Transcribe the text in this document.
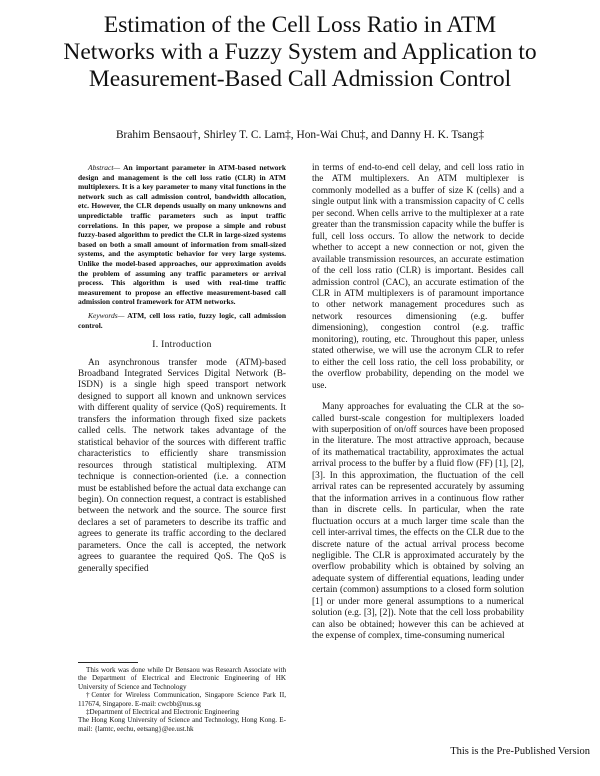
Estimation of the Cell Loss Ratio in ATM Networks with a Fuzzy System and Application to Measurement-Based Call Admission Control
Brahim Bensaou†, Shirley T. C. Lam‡, Hon-Wai Chu‡, and Danny H. K. Tsang‡

Abstract— An important parameter in ATM-based network design and management is the cell loss ratio (CLR) in ATM multiplexers. It is a key parameter to many vital functions in the network such as call admission control, bandwidth allocation, etc. However, the CLR depends usually on many unknowns and unpredictable traffic parameters such as input traffic correlations. In this paper, we propose a simple and robust fuzzy-based algorithm to predict the CLR in large-sized systems based on both a small amount of information from small-sized systems, and the asymptotic behavior for very large systems. Unlike the model-based approaches, our approximation avoids the problem of assuming any traffic parameters or arrival process. This algorithm is used with real-time traffic measurement to propose an effective measurement-based call admission control framework for ATM networks.

Keywords— ATM, cell loss ratio, fuzzy logic, call admission control.

I. Introduction

An asynchronous transfer mode (ATM)-based Broadband Integrated Services Digital Network (B-ISDN) is a single high speed transport network designed to support all known and unknown services with different quality of service (QoS) requirements. It transfers the information through fixed size packets called cells. The network takes advantage of the statistical behavior of the sources with different traffic characteristics to efficiently share transmission resources through statistical multiplexing. ATM technique is connection-oriented (i.e. a connection must be established before the actual data exchange can begin). On connection request, a contract is established between the network and the source. The source first declares a set of parameters to describe its traffic and agrees to generate its traffic according to the declared parameters. Once the call is accepted, the network agrees to guarantee the required QoS. The QoS is generally specified

in terms of end-to-end cell delay, and cell loss ratio in the ATM multiplexers. An ATM multiplexer is commonly modelled as a buffer of size K (cells) and a single output link with a transmission capacity of C cells per second. When cells arrive to the multiplexer at a rate greater than the transmission capacity while the buffer is full, cell loss occurs. To allow the network to decide whether to accept a new connection or not, given the available transmission resources, an accurate estimation of the cell loss ratio (CLR) is important. Besides call admission control (CAC), an accurate estimation of the CLR in ATM multiplexers is of paramount importance to other network management procedures such as network resources dimensioning (e.g. buffer dimensioning), congestion control (e.g. traffic monitoring), routing, etc. Throughout this paper, unless stated otherwise, we will use the acronym CLR to refer to either the cell loss ratio, the cell loss probability, or the overflow probability, depending on the model we use.

Many approaches for evaluating the CLR at the so-called burst-scale congestion for multiplexers loaded with superposition of on/off sources have been proposed in the literature. The most attractive approach, because of its mathematical tractability, approximates the actual arrival process to the buffer by a fluid flow (FF) [1], [2], [3]. In this approximation, the fluctuation of the cell arrival rates can be represented accurately by assuming that the information arrives in a continuous flow rather than in discrete cells. In particular, when the rate fluctuation occurs at a much larger time scale than the cell inter-arrival times, the effects on the CLR due to the discrete nature of the actual arrival process become negligible. The CLR is approximated accurately by the overflow probability which is obtained by solving an adequate system of differential equations, leading under certain (common) assumptions to a closed form solution [1] or under more general assumptions to a numerical solution (e.g. [3], [2]). Note that the cell loss probability can also be obtained; however this can be achieved at the expense of complex, time-consuming numerical

This work was done while Dr Bensaou was Research Associate with the Department of Electrical and Electronic Engineering of HK University of Science and Technology

†Center for Wireless Communication, Singapore Science Park II, 117674, Singapore. E-mail: cwcbb@nus.sg

‡Department of Electrical and Electronic Engineering

The Hong Kong University of Science and Technology, Hong Kong. E-mail: {lamtc, eechu, eetsang}@ee.ust.hk

This is the Pre-Published Version
